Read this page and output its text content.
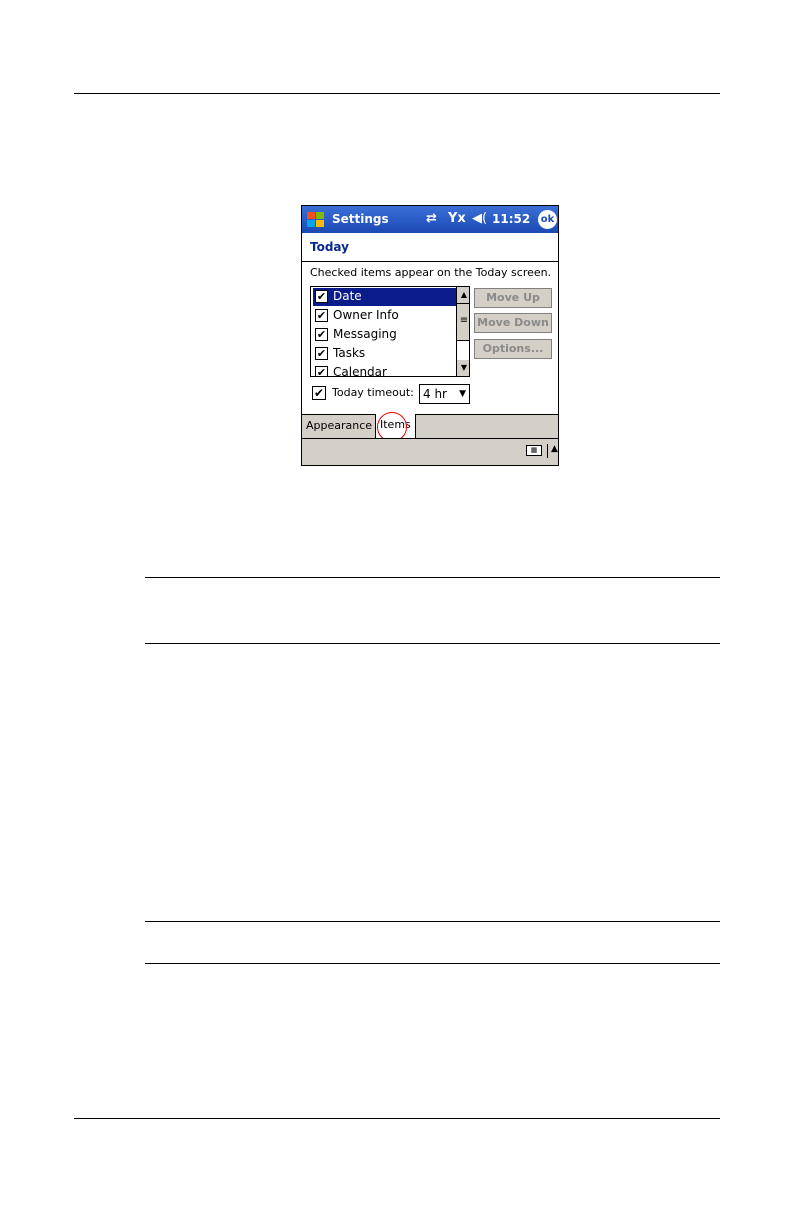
Settings	⇄ Yx ◀( 11:52 ok
Today
Checked items appear on the Today screen.
✔ Date
✔ Owner Info
✔ Messaging
✔ Tasks
✔ Calendar
▲
≡
▼
Move Up
Move Down
Options...
✔ Today timeout: 4 hr ▼
Appearance Items
▦	▲
